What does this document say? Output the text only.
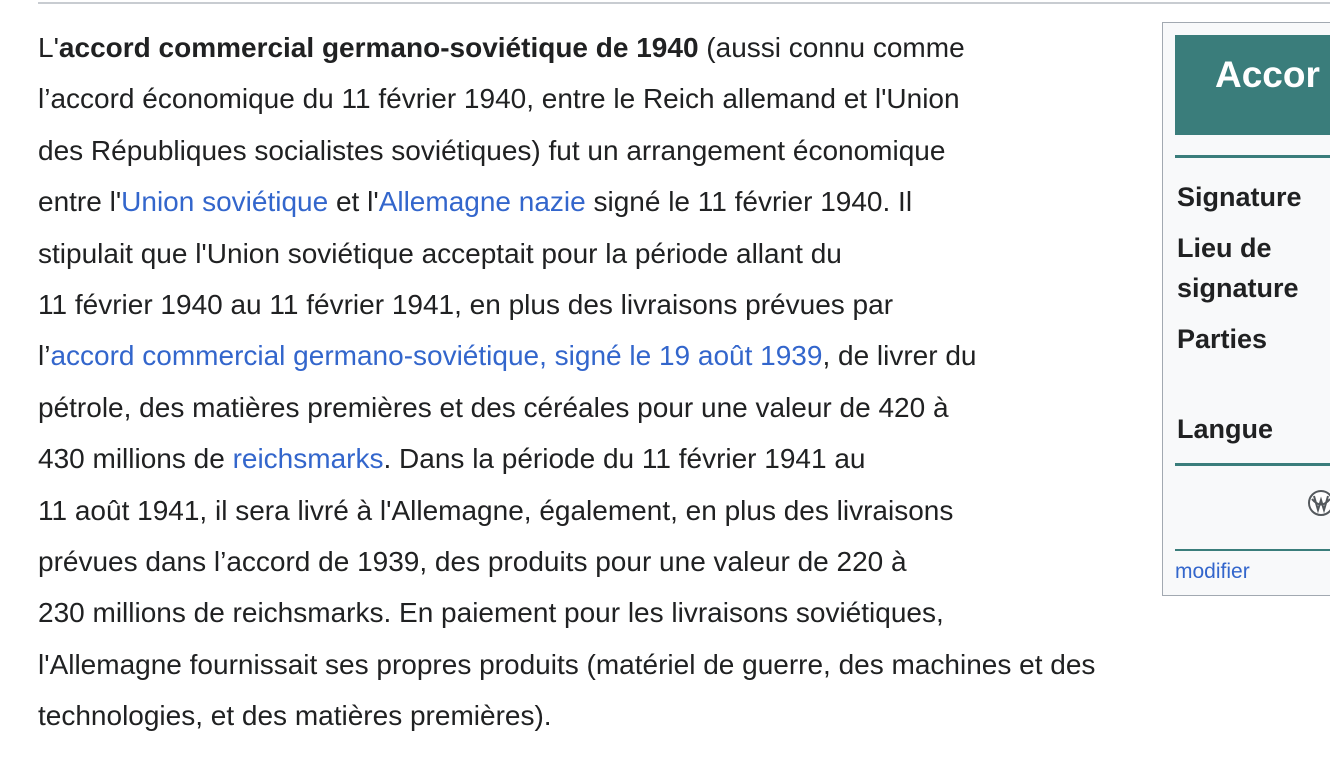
L'accord commercial germano-soviétique de 1940 (aussi connu comme
l’accord économique du 11 février 1940, entre le Reich allemand et l'Union
des Républiques socialistes soviétiques) fut un arrangement économique
entre l'Union soviétique et l'Allemagne nazie signé le 11 février 1940. Il
stipulait que l'Union soviétique acceptait pour la période allant du
11 février 1940 au 11 février 1941, en plus des livraisons prévues par
l’accord commercial germano-soviétique, signé le 19 août 1939, de livrer du
pétrole, des matières premières et des céréales pour une valeur de 420 à
430 millions de reichsmarks. Dans la période du 11 février 1941 au
11 août 1941, il sera livré à l'Allemagne, également, en plus des livraisons
prévues dans l’accord de 1939, des produits pour une valeur de 220 à
230 millions de reichsmarks. En paiement pour les livraisons soviétiques,
l'Allemagne fournissait ses propres produits (matériel de guerre, des machines et des
technologies, et des matières premières).
Accor
Signature
Lieu de
signature
Parties
Langue
modifier
